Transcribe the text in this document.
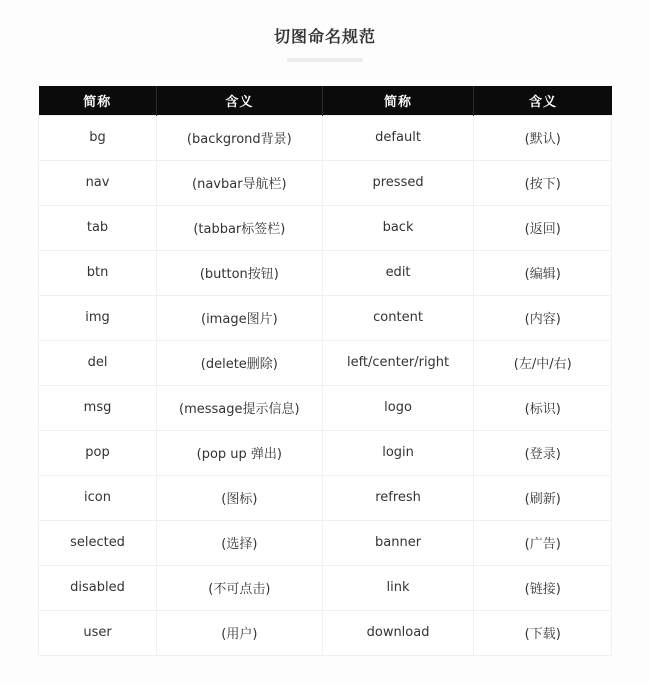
切图命名规范
简称	含义	简称	含义
bg	(backgrond背景)	default	(默认)
nav	(navbar导航栏)	pressed	(按下)
tab	(tabbar标签栏)	back	(返回)
btn	(button按钮)	edit	(编辑)
img	(image图片)	content	(内容)
del	(delete删除)	left/center/right	(左/中/右)
msg	(message提示信息)	logo	(标识)
pop	(pop up 弹出)	login	(登录)
icon	(图标)	refresh	(刷新)
selected	(选择)	banner	(广告)
disabled	(不可点击)	link	(链接)
user	(用户)	download	(下载)
